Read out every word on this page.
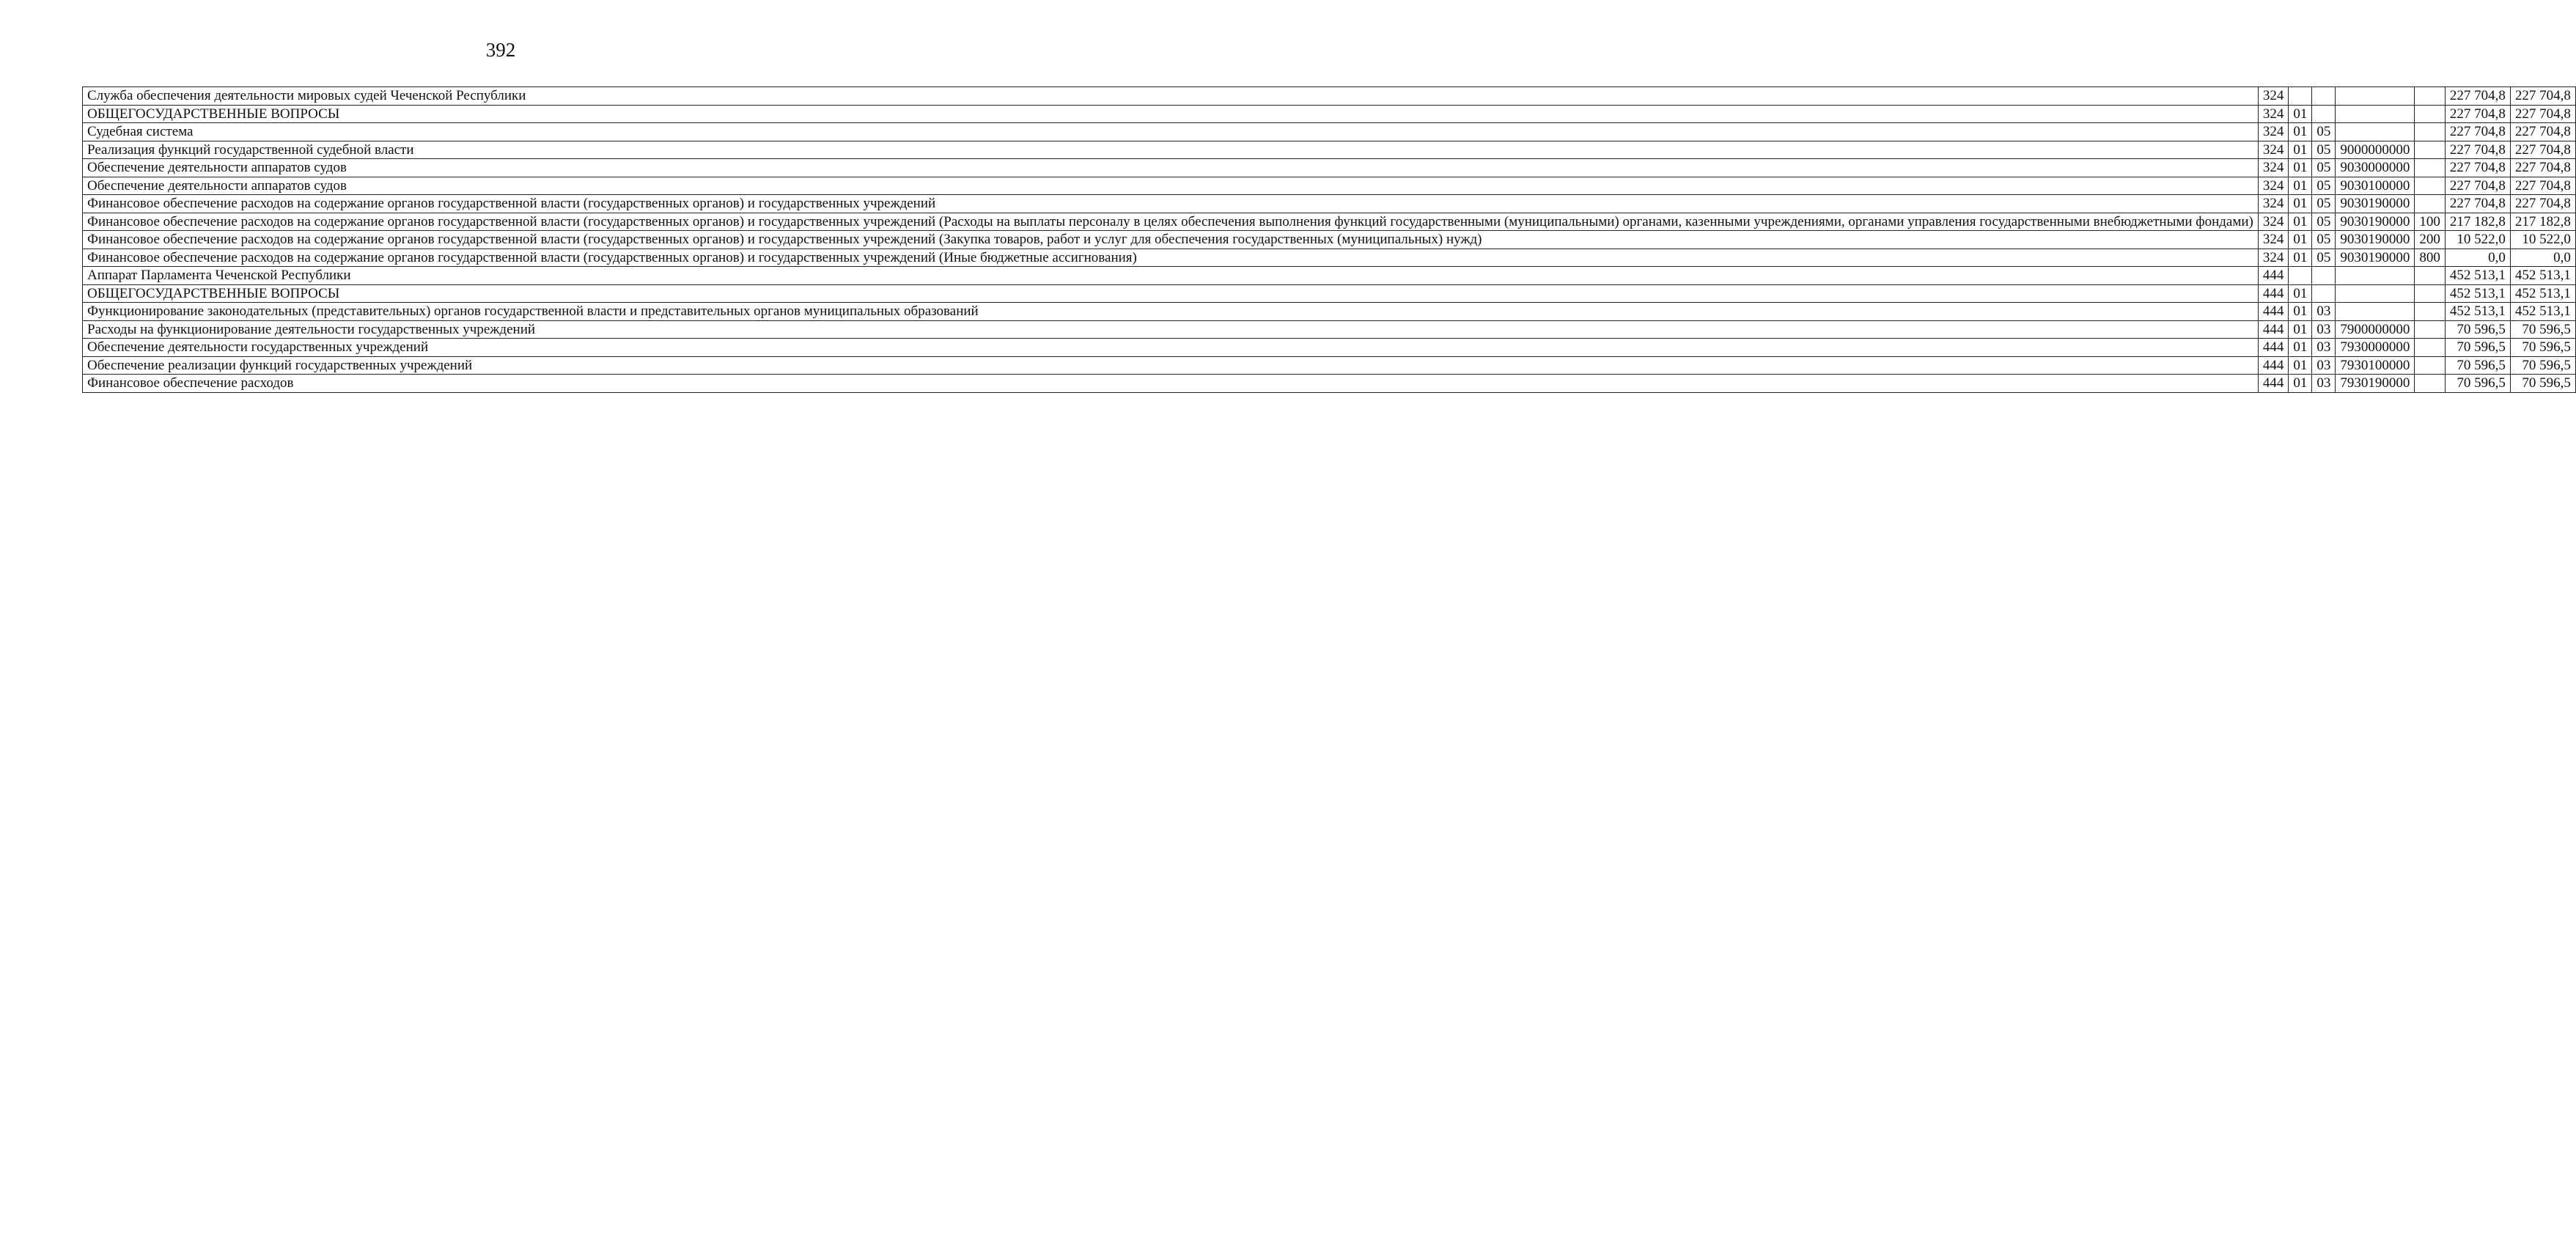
392
Служба обеспечения деятельности мировых судей Чеченской Республики	324					227 704,8	227 704,8
ОБЩЕГОСУДАРСТВЕННЫЕ ВОПРОСЫ	324	01				227 704,8	227 704,8
Судебная система	324	01	05			227 704,8	227 704,8
Реализация функций государственной судебной власти	324	01	05	9000000000		227 704,8	227 704,8
Обеспечение деятельности аппаратов судов	324	01	05	9030000000		227 704,8	227 704,8
Обеспечение деятельности аппаратов судов	324	01	05	9030100000		227 704,8	227 704,8
Финансовое обеспечение расходов на содержание органов государственной власти (государственных органов) и государственных учреждений	324	01	05	9030190000		227 704,8	227 704,8
Финансовое обеспечение расходов на содержание органов государственной власти (государственных органов) и государственных учреждений (Расходы на выплаты персоналу в целях обеспечения выполнения функций государственными (муниципальными) органами, казенными учреждениями, органами управления государственными внебюджетными фондами)	324	01	05	9030190000	100	217 182,8	217 182,8
Финансовое обеспечение расходов на содержание органов государственной власти (государственных органов) и государственных учреждений (Закупка товаров, работ и услуг для обеспечения государственных (муниципальных) нужд)	324	01	05	9030190000	200	10 522,0	10 522,0
Финансовое обеспечение расходов на содержание органов государственной власти (государственных органов) и государственных учреждений (Иные бюджетные ассигнования)	324	01	05	9030190000	800	0,0	0,0
Аппарат Парламента Чеченской Республики	444					452 513,1	452 513,1
ОБЩЕГОСУДАРСТВЕННЫЕ ВОПРОСЫ	444	01				452 513,1	452 513,1
Функционирование законодательных (представительных) органов государственной власти и представительных органов муниципальных образований	444	01	03			452 513,1	452 513,1
Расходы на функционирование деятельности государственных учреждений	444	01	03	7900000000		70 596,5	70 596,5
Обеспечение деятельности государственных учреждений	444	01	03	7930000000		70 596,5	70 596,5
Обеспечение реализации функций государственных учреждений	444	01	03	7930100000		70 596,5	70 596,5
Финансовое обеспечение расходов	444	01	03	7930190000		70 596,5	70 596,5
